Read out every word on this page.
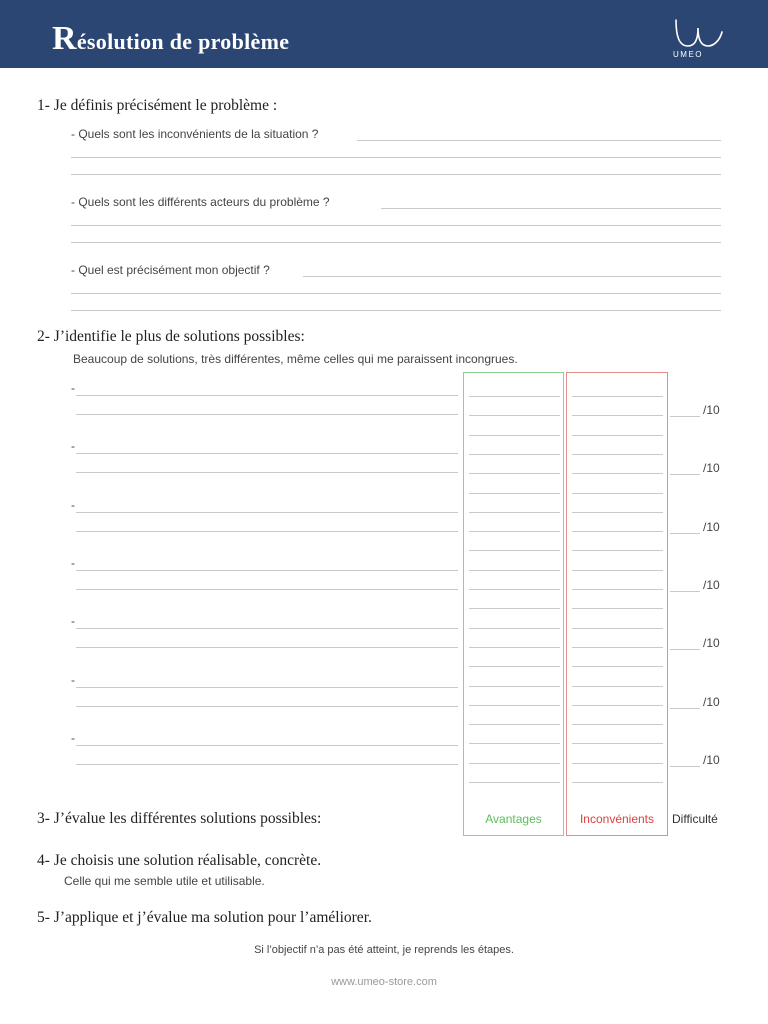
Résolution de problème
UMEO
1- Je définis précisément le problème :
- Quels sont les inconvénients de la situation ?
- Quels sont les différents acteurs du problème ?
- Quel est précisément mon objectif ?
2- J’identifie le plus de solutions possibles:
Beaucoup de solutions, très différentes, même celles qui me paraissent incongrues.
-
/10
-
/10
-
/10
-
/10
-
/10
-
/10
-
/10
3- J’évalue les différentes solutions possibles:	Avantages	Inconvénients	Difficulté
4- Je choisis une solution réalisable, concrète.
Celle qui me semble utile et utilisable.
5- J’applique et j’évalue ma solution pour l’améliorer.
Si l’objectif n’a pas été atteint, je reprends les étapes.
www.umeo-store.com
